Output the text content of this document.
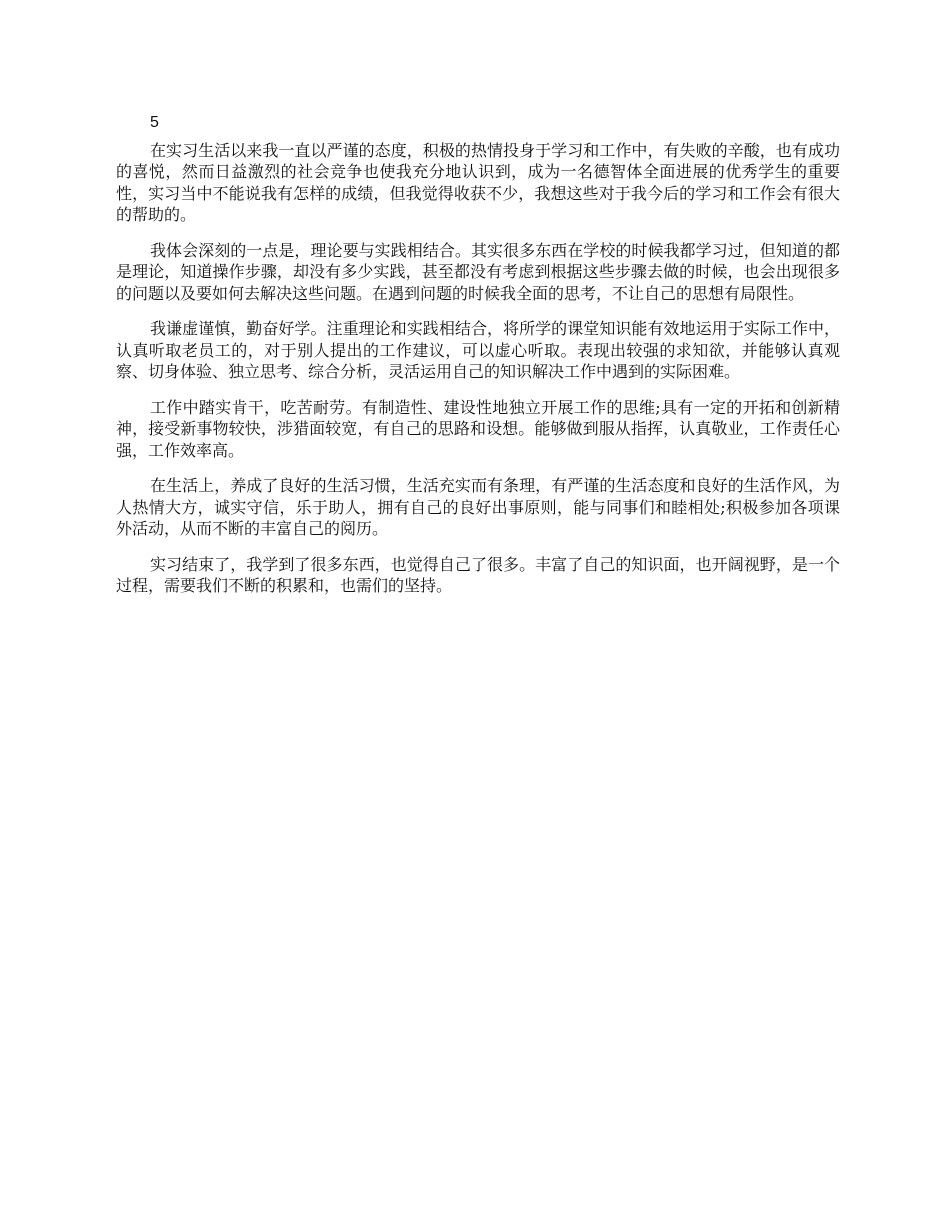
5

在实习生活以来我一直以严谨的态度，积极的热情投身于学习和工作中，有失败的辛酸，也有成功的喜悦，然而日益激烈的社会竞争也使我充分地认识到，成为一名德智体全面进展的优秀学生的重要性，实习当中不能说我有怎样的成绩，但我觉得收获不少，我想这些对于我今后的学习和工作会有很大的帮助的。

我体会深刻的一点是，理论要与实践相结合。其实很多东西在学校的时候我都学习过，但知道的都是理论，知道操作步骤，却没有多少实践，甚至都没有考虑到根据这些步骤去做的时候，也会出现很多的问题以及要如何去解决这些问题。在遇到问题的时候我全面的思考，不让自己的思想有局限性。

我谦虚谨慎，勤奋好学。注重理论和实践相结合，将所学的课堂知识能有效地运用于实际工作中，认真听取老员工的，对于别人提出的工作建议，可以虚心听取。表现出较强的求知欲，并能够认真观察、切身体验、独立思考、综合分析，灵活运用自己的知识解决工作中遇到的实际困难。

工作中踏实肯干，吃苦耐劳。有制造性、建设性地独立开展工作的思维;具有一定的开拓和创新精神，接受新事物较快，涉猎面较宽，有自己的思路和设想。能够做到服从指挥，认真敬业，工作责任心强，工作效率高。

在生活上，养成了良好的生活习惯，生活充实而有条理，有严谨的生活态度和良好的生活作风，为人热情大方，诚实守信，乐于助人，拥有自己的良好出事原则，能与同事们和睦相处;积极参加各项课外活动，从而不断的丰富自己的阅历。

实习结束了，我学到了很多东西，也觉得自己了很多。丰富了自己的知识面，也开阔视野，是一个过程，需要我们不断的积累和，也需们的坚持。
